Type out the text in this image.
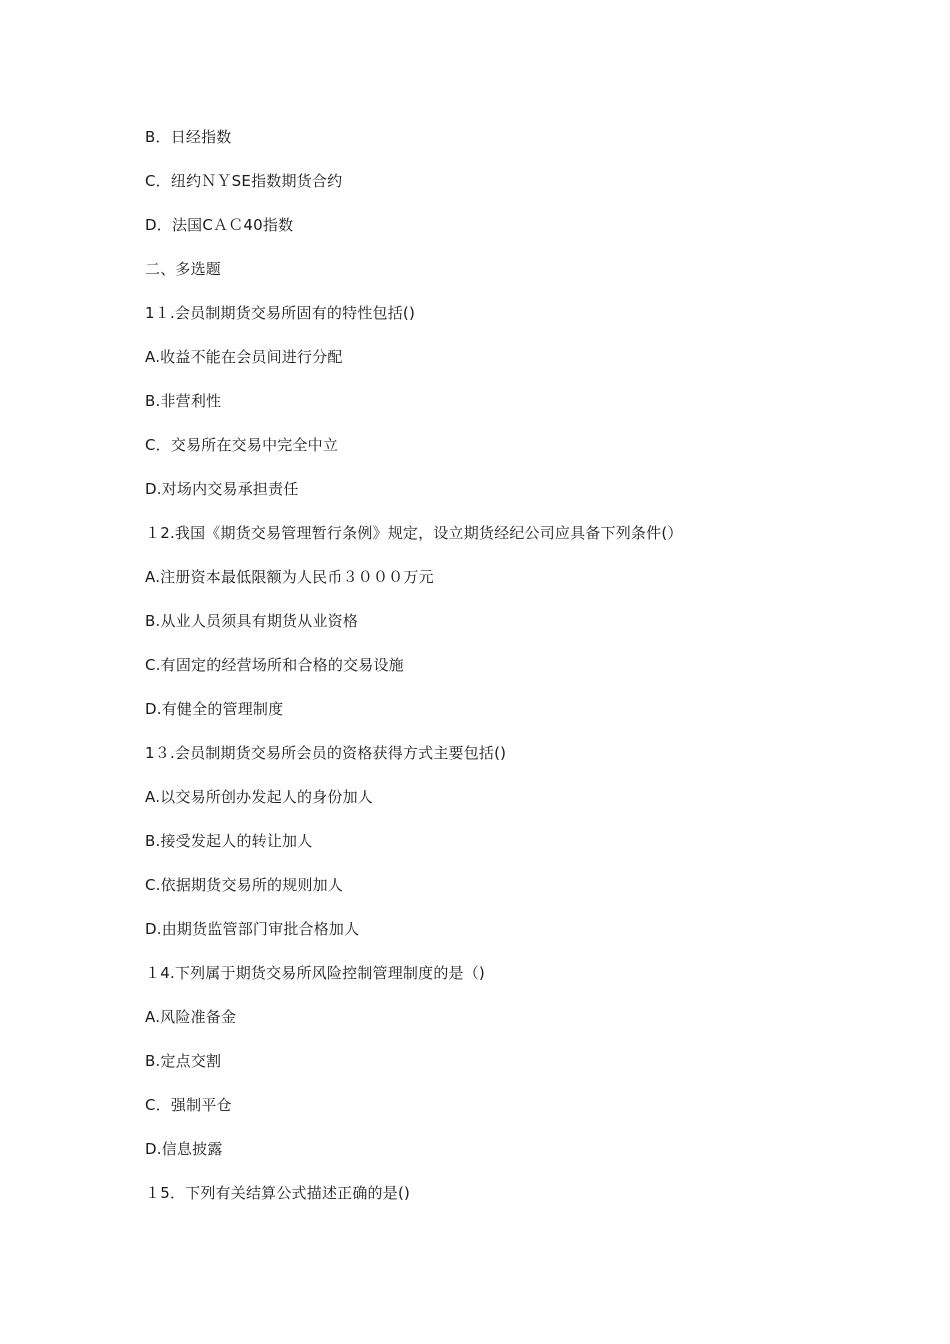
B．日经指数
C．纽约ＮＹSE指数期货合约
D．法国CＡＣ40指数
二、多选题
1１.会员制期货交易所固有的特性包括()
A.收益不能在会员间进行分配
B.非营利性
C．交易所在交易中完全中立
D.对场内交易承担责任
１2.我国《期货交易管理暂行条例》规定，设立期货经纪公司应具备下列条件(）
A.注册资本最低限额为人民币３０００万元
B.从业人员须具有期货从业资格
C.有固定的经营场所和合格的交易设施
D.有健全的管理制度
1３.会员制期货交易所会员的资格获得方式主要包括()
A.以交易所创办发起人的身份加人
B.接受发起人的转让加人
C.依据期货交易所的规则加人
D.由期货监管部门审批合格加人
１4.下列属于期货交易所风险控制管理制度的是（)
A.风险准备金
B.定点交割
C．强制平仓
D.信息披露
１5．下列有关结算公式描述正确的是()
